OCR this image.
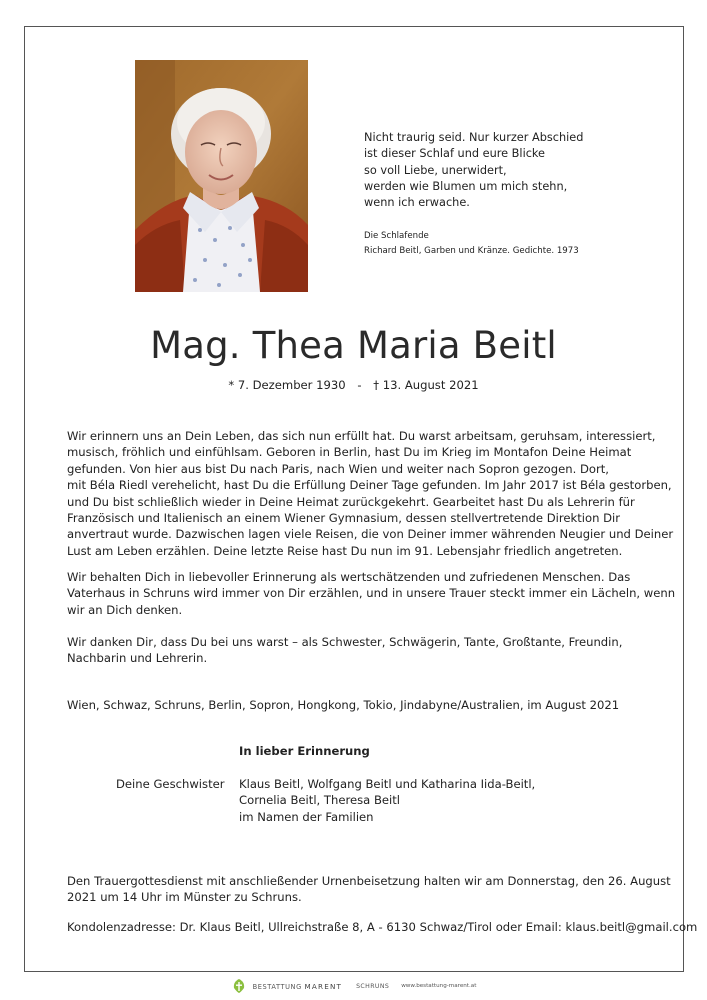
Nicht traurig seid. Nur kurzer Abschied
ist dieser Schlaf und eure Blicke
so voll Liebe, unerwidert,
werden wie Blumen um mich stehn,
wenn ich erwache.
Die Schlafende
Richard Beitl, Garben und Kränze. Gedichte. 1973
Mag. Thea Maria Beitl
* 7. Dezember 1930 - † 13. August 2021
Wir erinnern uns an Dein Leben, das sich nun erfüllt hat. Du warst arbeitsam, geruhsam, interessiert,
musisch, fröhlich und einfühlsam. Geboren in Berlin, hast Du im Krieg im Montafon Deine Heimat
gefunden. Von hier aus bist Du nach Paris, nach Wien und weiter nach Sopron gezogen. Dort,
mit Béla Riedl verehelicht, hast Du die Erfüllung Deiner Tage gefunden. Im Jahr 2017 ist Béla gestorben,
und Du bist schließlich wieder in Deine Heimat zurückgekehrt. Gearbeitet hast Du als Lehrerin für
Französisch und Italienisch an einem Wiener Gymnasium, dessen stellvertretende Direktion Dir
anvertraut wurde. Dazwischen lagen viele Reisen, die von Deiner immer währenden Neugier und Deiner
Lust am Leben erzählen. Deine letzte Reise hast Du nun im 91. Lebensjahr friedlich angetreten.
Wir behalten Dich in liebevoller Erinnerung als wertschätzenden und zufriedenen Menschen. Das
Vaterhaus in Schruns wird immer von Dir erzählen, und in unsere Trauer steckt immer ein Lächeln, wenn
wir an Dich denken.
Wir danken Dir, dass Du bei uns warst – als Schwester, Schwägerin, Tante, Großtante, Freundin,
Nachbarin und Lehrerin.
Wien, Schwaz, Schruns, Berlin, Sopron, Hongkong, Tokio, Jindabyne/Australien, im August 2021
In lieber Erinnerung
Deine Geschwister Klaus Beitl, Wolfgang Beitl und Katharina Iida-Beitl,
Cornelia Beitl, Theresa Beitl
im Namen der Familien
Den Trauergottesdienst mit anschließender Urnenbeisetzung halten wir am Donnerstag, den 26. August
2021 um 14 Uhr im Münster zu Schruns.
Kondolenzadresse: Dr. Klaus Beitl, Ullreichstraße 8, A - 6130 Schwaz/Tirol oder Email: klaus.beitl@gmail.com
BESTATTUNG MARENT SCHRUNS www.bestattung-marent.at
